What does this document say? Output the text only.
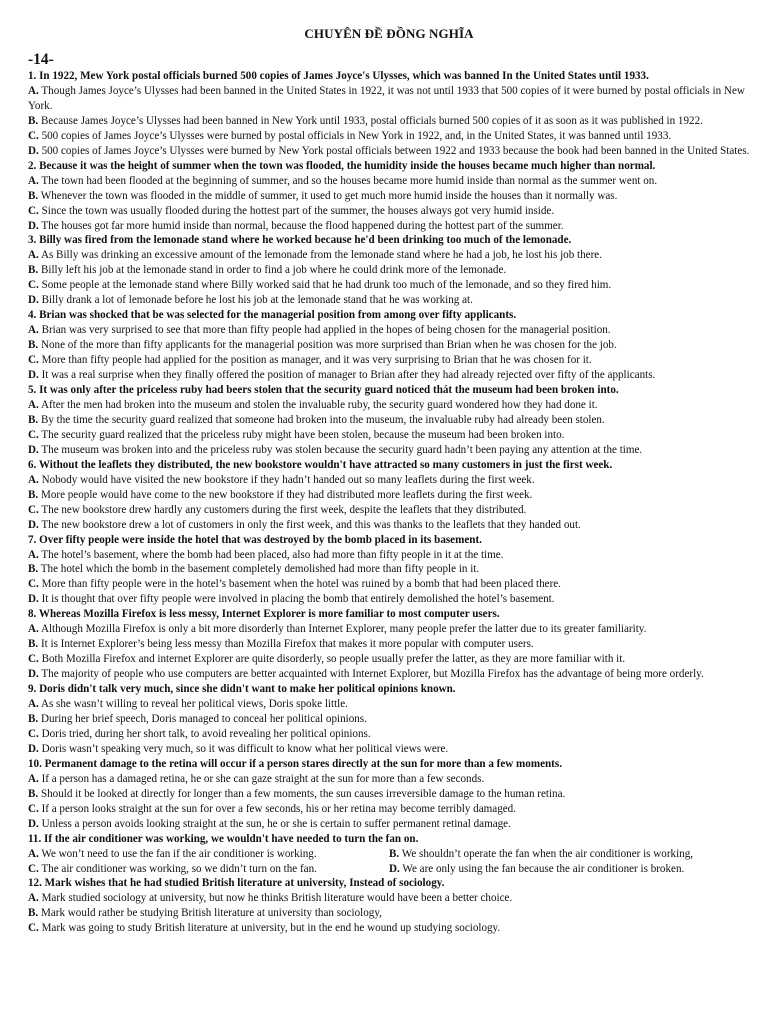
CHUYÊN ĐỀ ĐỒNG NGHĨA
-14-
1. In 1922, Mew York postal officials burned 500 copies of James Joyce's Ulysses, which was banned In the United States until 1933.
A. Though James Joyce’s Ulysses had been banned in the United States in 1922, it was not until 1933 that 500 copies of it were burned by postal officials in New York.
B. Because James Joyce’s Ulysses had been banned in New York until 1933, postal officials burned 500 copies of it as soon as it was published in 1922.
C. 500 copies of James Joyce’s Ulysses were burned by postal officials in New York in 1922, and, in the United States, it was banned until 1933.
D. 500 copies of James Joyce’s Ulysses were burned by New York postal officials between 1922 and 1933 because the book had been banned in the United States.
2. Because it was the height of summer when the town was flooded, the humidity inside the houses became much higher than normal.
A. The town had been flooded at the beginning of summer, and so the houses became more humid inside than normal as the summer went on.
B. Whenever the town was flooded in the middle of summer, it used to get much more humid inside the houses than it normally was.
C. Since the town was usually flooded during the hottest part of the summer, the houses always got very humid inside.
D. The houses got far more humid inside than normal, because the flood happened during the hottest part of the summer.
3. Billy was fired from the lemonade stand where he worked because he'd been drinking too much of the lemonade.
A. As Billy was drinking an excessive amount of the lemonade from the lemonade stand where he had a job, he lost his job there.
B. Billy left his job at the lemonade stand in order to find a job where he could drink more of the lemonade.
C. Some people at the lemonade stand where Billy worked said that he had drunk too much of the lemonade, and so they fired him.
D. Billy drank a lot of lemonade before he lost his job at the lemonade stand that he was working at.
4. Brian was shocked that be was selected for the managerial position from among over fifty applicants.
A. Brian was very surprised to see that more than fifty people had applied in the hopes of being chosen for the managerial position.
B. None of the more than fifty applicants for the managerial position was more surprised than Brian when he was chosen for the job.
C. More than fifty people had applied for the position as manager, and it was very surprising to Brian that he was chosen for it.
D. It was a real surprise when they finally offered the position of manager to Brian after they had already rejected over fifty of the applicants.
5. It was only after the priceless ruby had beers stolen that the security guard noticed thát the museum had been broken into.
A. After the men had broken into the museum and stolen the invaluable ruby, the security guard wondered how they had done it.
B. By the time the security guard realized that someone had broken into the museum, the invaluable ruby had already been stolen.
C. The security guard realized that the priceless ruby might have been stolen, because the museum had been broken into.
D. The museum was broken into and the priceless ruby was stolen because the security guard hadn’t been paying any attention at the time.
6. Without the leaflets they distributed, the new bookstore wouldn't have attracted so many customers in just the first week.
A. Nobody would have visited the new bookstore if they hadn’t handed out so many leaflets during the first week.
B. More people would have come to the new bookstore if they had distributed more leaflets during the first week.
C. The new bookstore drew hardly any customers during the first week, despite the leaflets that they distributed.
D. The new bookstore drew a lot of customers in only the first week, and this was thanks to the leaflets that they handed out.
7. Over fifty people were inside the hotel that was destroyed by the bomb placed in its basement.
A. The hotel’s basement, where the bomb had been placed, also had more than fifty people in it at the time.
B. The hotel which the bomb in the basement completely demolished had more than fifty people in it.
C. More than fifty people were in the hotel’s basement when the hotel was ruined by a bomb that had been placed there.
D. It is thought that over fifty people were involved in placing the bomb that entirely demolished the hotel’s basement.
8. Whereas Mozilla Firefox is less messy, Internet Explorer is more familiar to most computer users.
A. Although Mozilla Firefox is only a bit more disorderly than Internet Explorer, many people prefer the latter due to its greater familiarity.
B. It is Internet Explorer’s being less messy than Mozilla Firefox that makes it more popular with computer users.
C. Both Mozilla Firefox and internet Explorer are quite disorderly, so people usually prefer the latter, as they are more familiar with it.
D. The majority of people who use computers are better acquainted with Internet Explorer, but Mozilla Firefox has the advantage of being more orderly.
9. Doris didn't talk very much, since she didn't want to make her political opinions known.
A. As she wasn’t willing to reveal her political views, Doris spoke little.
B. During her brief speech, Doris managed to conceal her political opinions.
C. Doris tried, during her short talk, to avoid revealing her political opinions.
D. Doris wasn’t speaking very much, so it was difficult to know what her political views were.
10. Permanent damage to the retina will occur if a person stares directly at the sun for more than a few moments.
A. If a person has a damaged retina, he or she can gaze straight at the sun for more than a few seconds.
B. Should it be looked at directly for longer than a few moments, the sun causes irreversible damage to the human retina.
C. If a person looks straight at the sun for over a few seconds, his or her retina may become terribly damaged.
D. Unless a person avoids looking straight at the sun, he or she is certain to suffer permanent retinal damage.
11. If the air conditioner was working, we wouldn't have needed to turn the fan on.
A. We won’t need to use the fan if the air conditioner is working.	B. We shouldn’t operate the fan when the air conditioner is working,
C. The air conditioner was working, so we didn’t turn on the fan.	D. We are only using the fan because the air conditioner is broken.
12. Mark wishes that he had studied British literature at university, Instead of sociology.
A. Mark studied sociology at university, but now he thinks British literature would have been a better choice.
B. Mark would rather be studying British literature at university than sociology,
C. Mark was going to study British literature at university, but in the end he wound up studying sociology.
